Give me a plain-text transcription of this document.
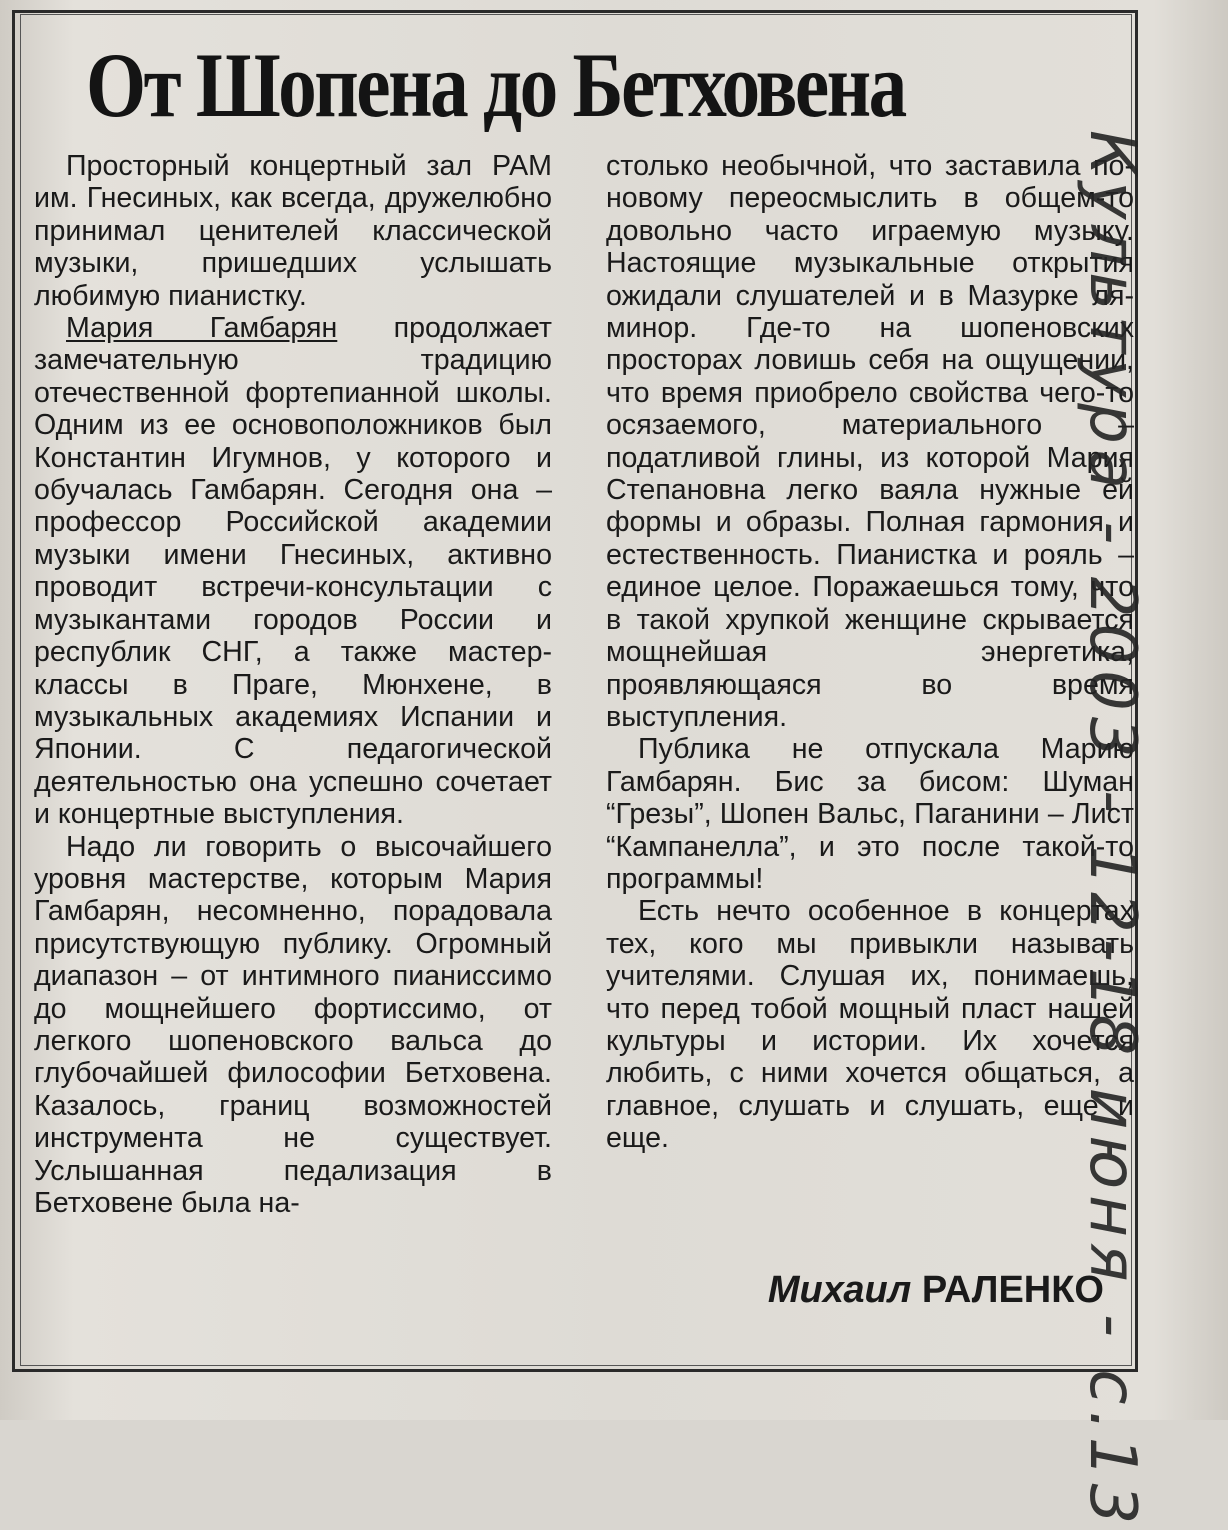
От Шопена до Бетховена

Просторный концертный зал РАМ им. Гнесиных, как всегда, дружелюбно принимал ценителей классической музыки, пришедших услышать любимую пианистку.

Мария Гамбарян продолжает замечательную традицию отечественной фортепианной школы. Одним из ее основоположников был Константин Игумнов, у которого и обучалась Гамбарян. Сегодня она – профессор Российской академии музыки имени Гнесиных, активно проводит встречи-консультации с музыкантами городов России и республик СНГ, а также мастер-классы в Праге, Мюнхене, в музыкальных академиях Испании и Японии. С педагогической деятельностью она успешно сочетает и концертные выступления.

Надо ли говорить о высочайшего уровня мастерстве, которым Мария Гамбарян, несомненно, порадовала присутствующую публику. Огромный диапазон – от интимного пианиссимо до мощнейшего фортиссимо, от легкого шопеновского вальса до глубочайшей философии Бетховена. Казалось, границ возможностей инструмента не существует. Услышанная педализация в Бетховене была на-

столько необычной, что заставила по-новому переосмыслить в общем-то довольно часто играемую музыку. Настоящие музыкальные открытия ожидали слушателей и в Мазурке ля-минор. Где-то на шопеновских просторах ловишь себя на ощущении, что время приобрело свойства чего-то осязаемого, материального – податливой глины, из которой Мария Степановна легко ваяла нужные ей формы и образы. Полная гармония и естественность. Пианистка и рояль – единое целое. Поражаешься тому, что в такой хрупкой женщине скрывается мощнейшая энергетика, проявляющаяся во время выступления.

Публика не отпускала Марию Гамбарян. Бис за бисом: Шуман “Грезы”, Шопен Вальс, Паганини – Лист “Кампанелла”, и это после такой-то программы!

Есть нечто особенное в концертах тех, кого мы привыкли называть учителями. Слушая их, понимаешь, что перед тобой мощный пласт нашей культуры и истории. Их хочется любить, с ними хочется общаться, а главное, слушать и слушать, еще и еще.

Михаил РАЛЕНКО
Культура - 2003 - 12-18 июня - с.13
